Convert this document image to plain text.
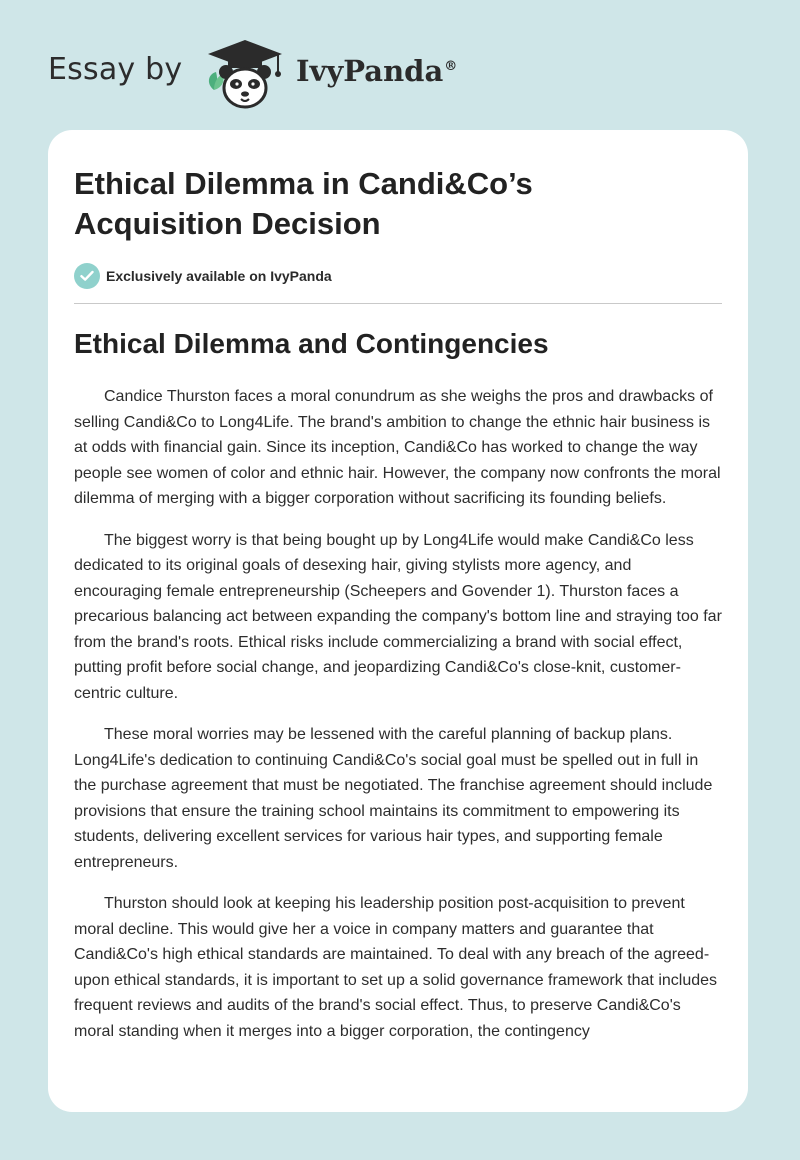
Essay by	IvyPanda®
Ethical Dilemma in Candi&Co’s Acquisition Decision
Exclusively available on IvyPanda
Ethical Dilemma and Contingencies

Candice Thurston faces a moral conundrum as she weighs the pros and drawbacks of selling Candi&Co to Long4Life. The brand's ambition to change the ethnic hair business is at odds with financial gain. Since its inception, Candi&Co has worked to change the way people see women of color and ethnic hair. However, the company now confronts the moral dilemma of merging with a bigger corporation without sacrificing its founding beliefs.

The biggest worry is that being bought up by Long4Life would make Candi&Co less dedicated to its original goals of desexing hair, giving stylists more agency, and encouraging female entrepreneurship (Scheepers and Govender 1). Thurston faces a precarious balancing act between expanding the company's bottom line and straying too far from the brand's roots. Ethical risks include commercializing a brand with social effect, putting profit before social change, and jeopardizing Candi&Co's close-knit, customer-centric culture.

These moral worries may be lessened with the careful planning of backup plans. Long4Life's dedication to continuing Candi&Co's social goal must be spelled out in full in the purchase agreement that must be negotiated. The franchise agreement should include provisions that ensure the training school maintains its commitment to empowering its students, delivering excellent services for various hair types, and supporting female entrepreneurs.

Thurston should look at keeping his leadership position post-acquisition to prevent moral decline. This would give her a voice in company matters and guarantee that Candi&Co's high ethical standards are maintained. To deal with any breach of the agreed-upon ethical standards, it is important to set up a solid governance framework that includes frequent reviews and audits of the brand's social effect. Thus, to preserve Candi&Co's moral standing when it merges into a bigger corporation, the contingency
